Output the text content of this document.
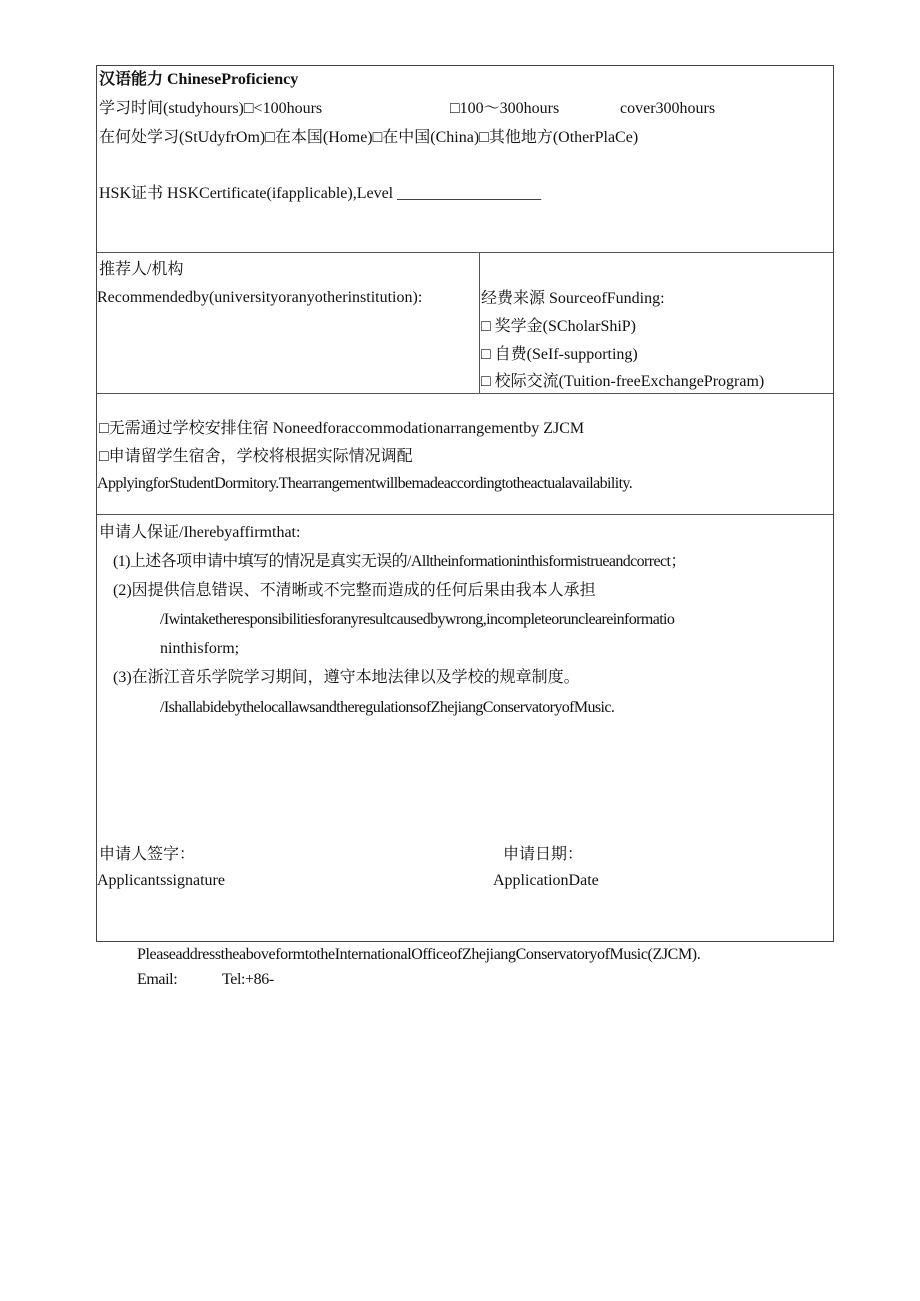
汉语能力 ChineseProficiency
学习时间(studyhours)□<100hours	□100～300hours	cover300hours
在何处学习(StUdyfrOm)□在本国(Home)□在中国(China)□其他地方(OtherPlaCe)
HSK证书 HSKCertificate(ifapplicable),Level __________________
推荐人/机构
Recommendedby(universityoranyotherinstitution):	经费来源 SourceofFunding:
□ 奖学金(SCholarShiP)
□ 自费(SeIf-supporting)
□ 校际交流(Tuition-freeExchangeProgram)
□无需通过学校安排住宿 Noneedforaccommodationarrangementby ZJCM
□申请留学生宿舍，学校将根据实际情况调配
ApplyingforStudentDormitory.Thearrangementwillbemadeaccordingtotheactualavailability.
申请人保证/Iherebyaffirmthat:
(1)上述各项申请中填写的情况是真实无误的/Alltheinformationinthisformistrueandcorrect；
(2)因提供信息错误、不清晰或不完整而造成的任何后果由我本人承担
/Iwintaketheresponsibilitiesforanyresultcausedbywrong,incompleteoruncleareinformatio
ninthisform;
(3)在浙江音乐学院学习期间，遵守本地法律以及学校的规章制度。
/IshallabidebythelocallawsandtheregulationsofZhejiangConservatoryofMusic.
申请人签字：
Applicantssignature
申请日期：
ApplicationDate
PleaseaddresstheaboveformtotheInternationalOfficeofZhejiangConservatoryofMusic(ZJCM).
Email:	Tel:+86-
